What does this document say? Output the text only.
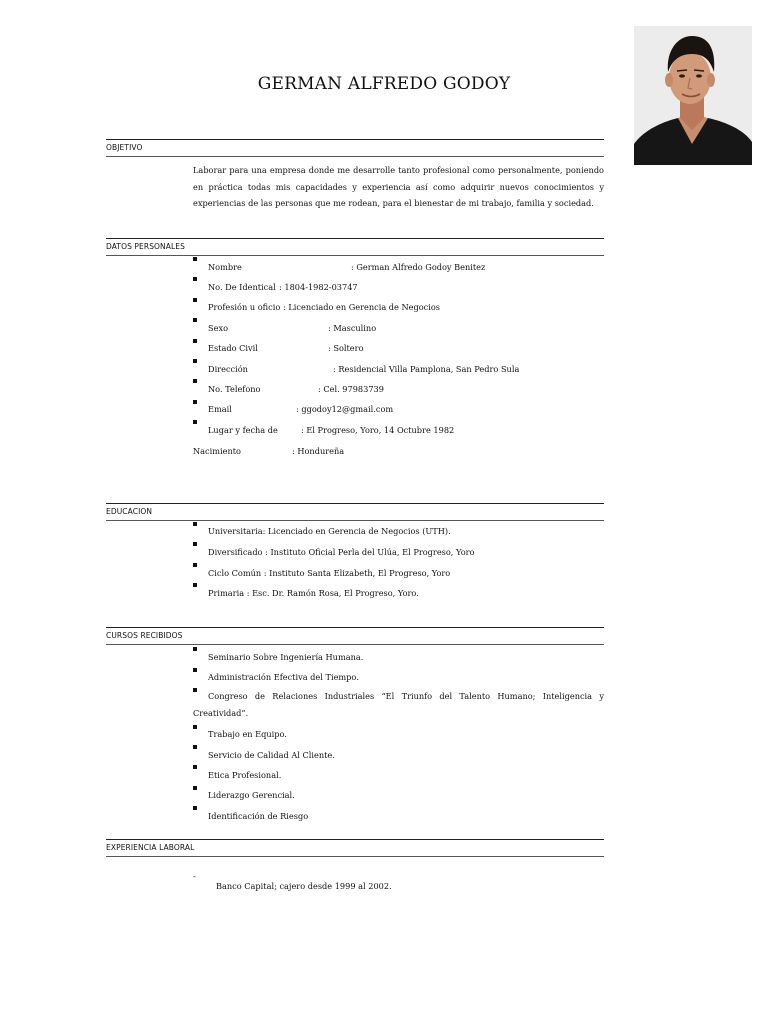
GERMAN ALFREDO GODOY
OBJETIVO
Laborar para una empresa donde me desarrolle tanto profesional como personalmente, poniendo en práctica todas mis capacidades y experiencia así como adquirir nuevos conocimientos y experiencias de las personas que me rodean, para el bienestar de mi trabajo, familia y sociedad.
DATOS PERSONALES
Nombre	: German Alfredo Godoy Benitez
No. De Identical : 1804-1982-03747
Profesión u oficio : Licenciado en Gerencia de Negocios
Sexo	: Masculino
Estado Civil	: Soltero
Dirección	: Residencial Villa Pamplona, San Pedro Sula
No. Telefono	: Cel. 97983739
Email	: ggodoy12@gmail.com
Lugar y fecha de	: El Progreso, Yoro, 14 Octubre 1982
Nacimiento	: Hondureña
EDUCACION
Universitaria: Licenciado en Gerencia de Negocios (UTH).
Diversificado : Instituto Oficial Perla del Ulúa, El Progreso, Yoro
Ciclo Común : Instituto Santa Elizabeth, El Progreso, Yoro
Primaria : Esc. Dr. Ramón Rosa, El Progreso, Yoro.
CURSOS RECIBIDOS
Seminario Sobre Ingeniería Humana.
Administración Efectiva del Tiempo.
Congreso de Relaciones Industriales “El Triunfo del Talento Humano; Inteligencia y Creatividad”.
Trabajo en Equipo.
Servicio de Calidad Al Cliente.
Etica Profesional.
Liderazgo Gerencial.
Identificación de Riesgo
EXPERIENCIA LABORAL
-
Banco Capital; cajero desde 1999 al 2002.
